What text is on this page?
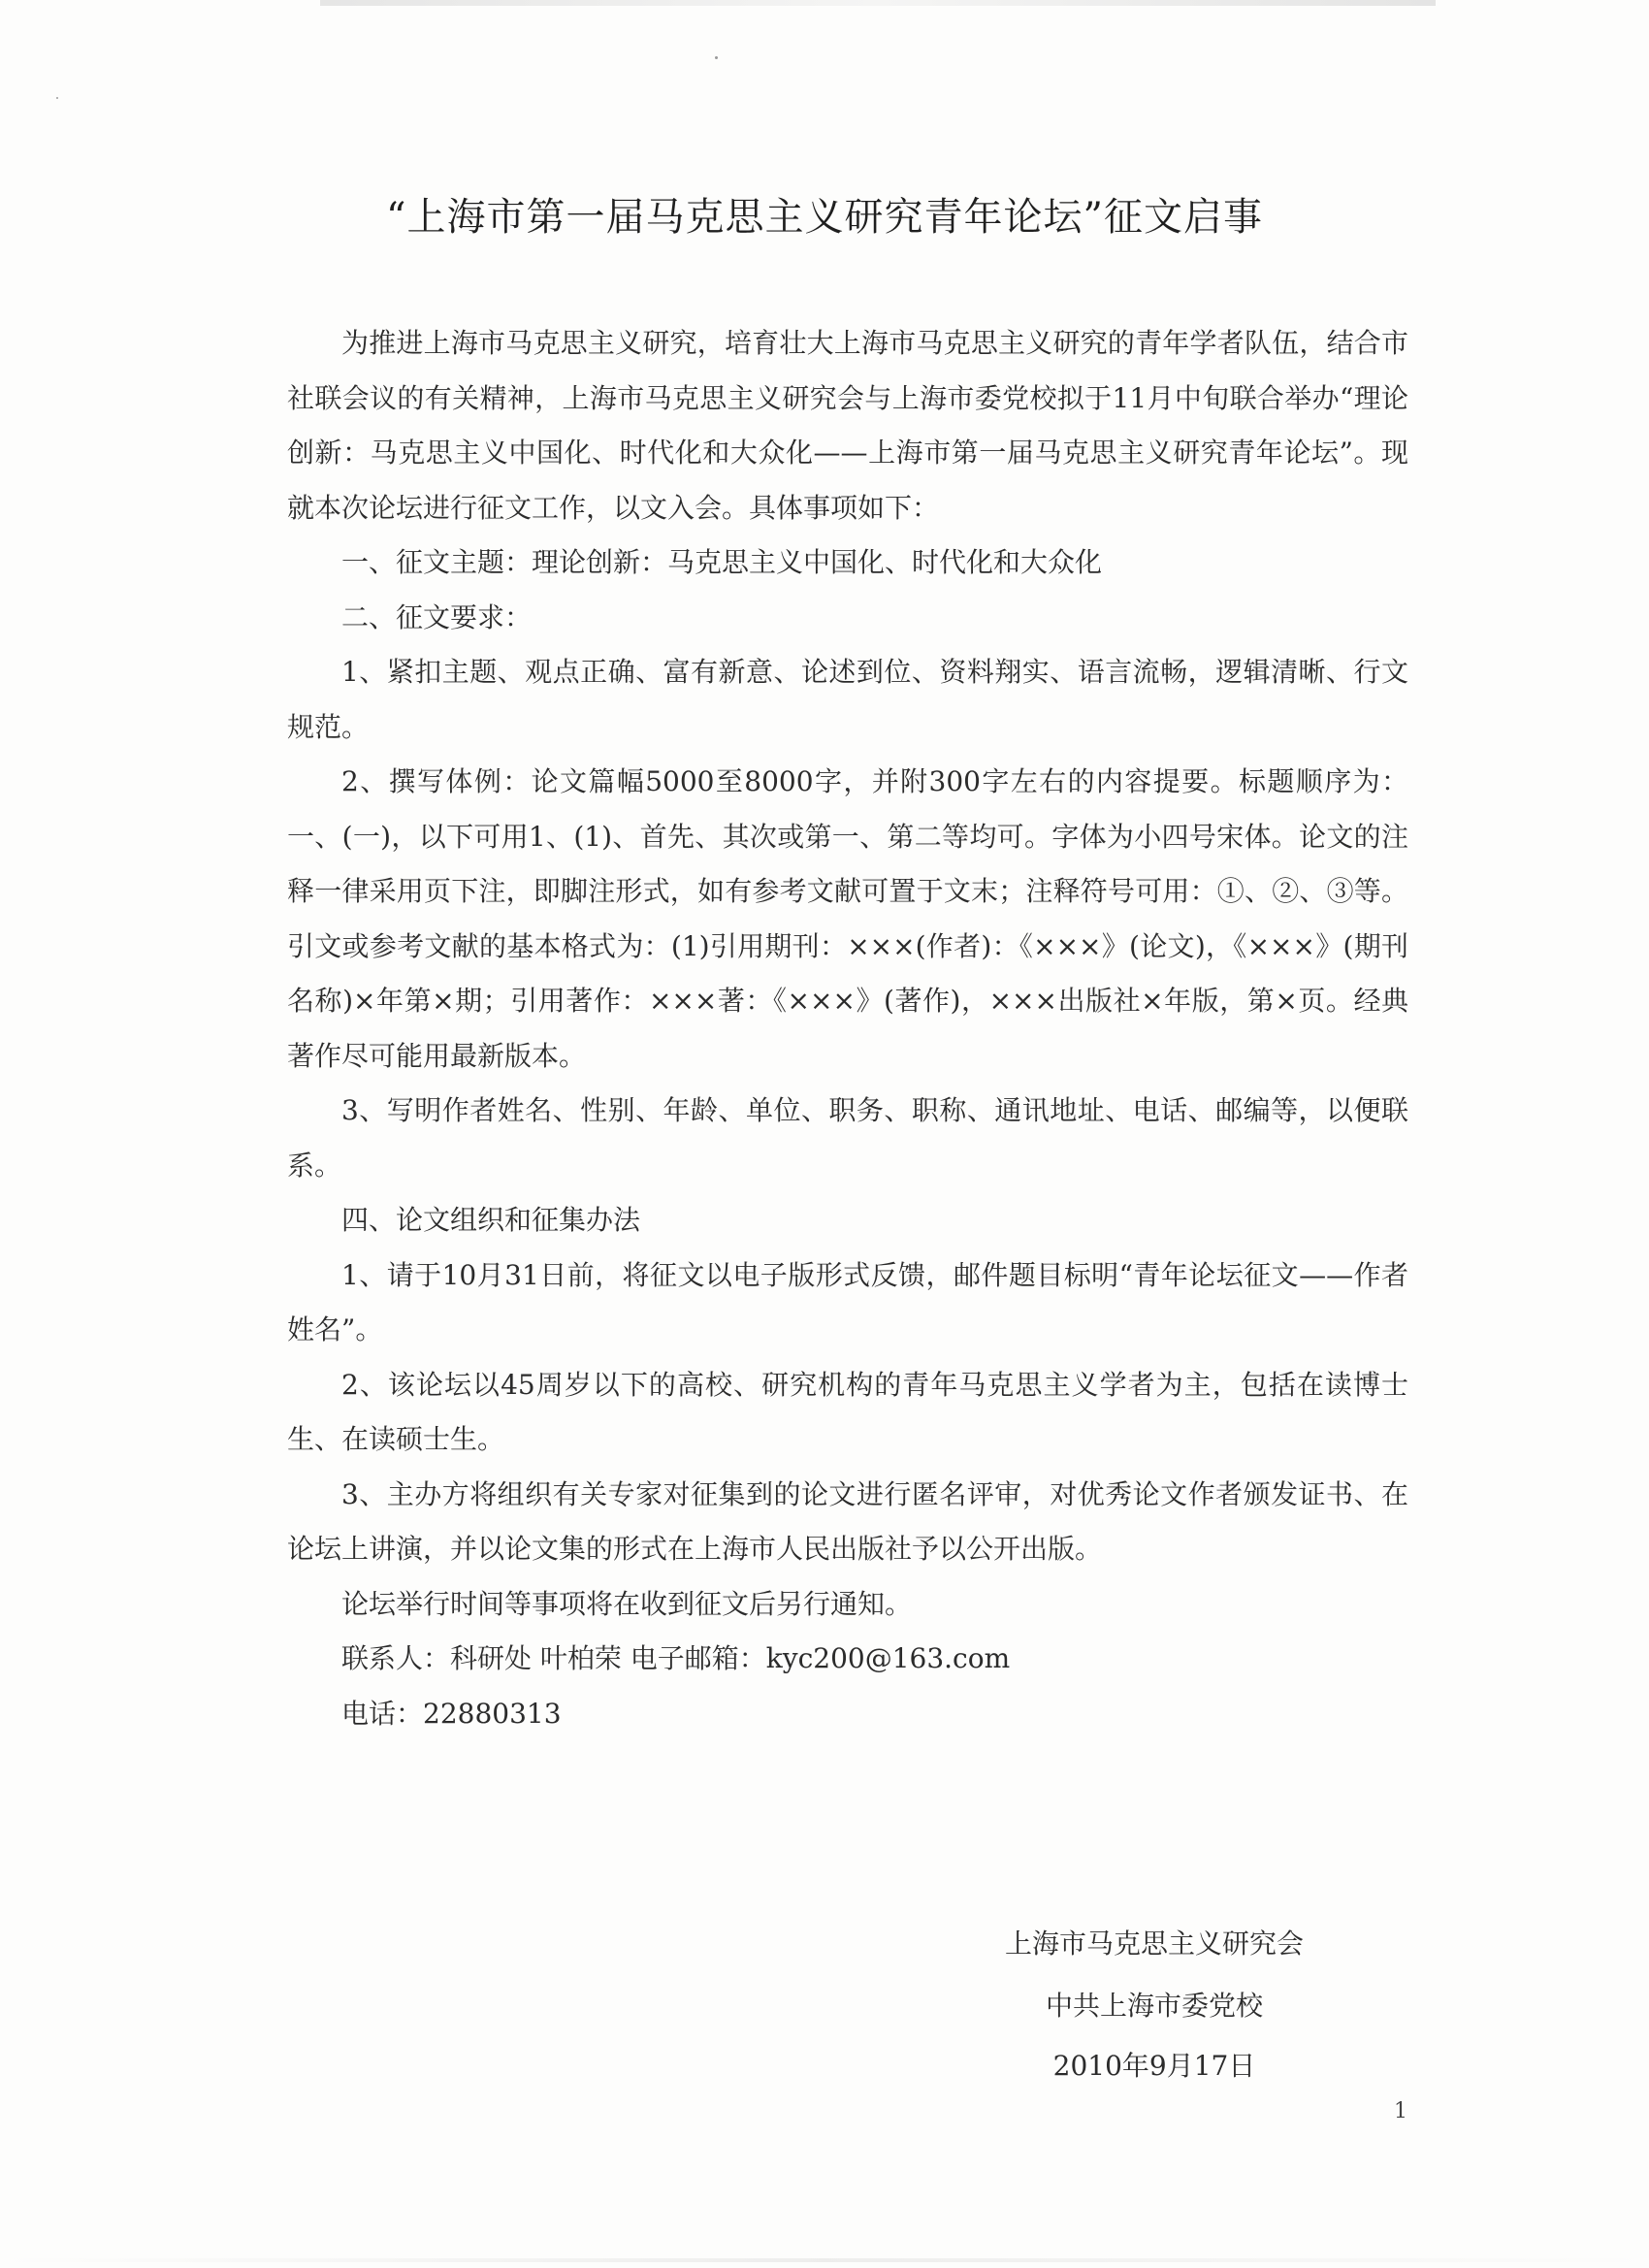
“上海市第一届马克思主义研究青年论坛”征文启事

为推进上海市马克思主义研究，培育壮大上海市马克思主义研究的青年学者队伍，结合市社联会议的有关精神，上海市马克思主义研究会与上海市委党校拟于11月中旬联合举办“理论创新：马克思主义中国化、时代化和大众化——上海市第一届马克思主义研究青年论坛”。现就本次论坛进行征文工作，以文入会。具体事项如下：

一、征文主题：理论创新：马克思主义中国化、时代化和大众化

二、征文要求：

1、紧扣主题、观点正确、富有新意、论述到位、资料翔实、语言流畅，逻辑清晰、行文规范。

2、撰写体例：论文篇幅5000至8000字，并附300字左右的内容提要。标题顺序为：一、(一)，以下可用1、(1)、首先、其次或第一、第二等均可。字体为小四号宋体。论文的注释一律采用页下注，即脚注形式，如有参考文献可置于文末；注释符号可用：①、②、③等。引文或参考文献的基本格式为：(1)引用期刊：×××(作者)：《×××》(论文)，《×××》(期刊名称)×年第×期；引用著作：×××著：《×××》(著作)，×××出版社×年版，第×页。经典著作尽可能用最新版本。

3、写明作者姓名、性别、年龄、单位、职务、职称、通讯地址、电话、邮编等，以便联系。

四、论文组织和征集办法

1、请于10月31日前，将征文以电子版形式反馈，邮件题目标明“青年论坛征文——作者姓名”。

2、该论坛以45周岁以下的高校、研究机构的青年马克思主义学者为主，包括在读博士生、在读硕士生。

3、主办方将组织有关专家对征集到的论文进行匿名评审，对优秀论文作者颁发证书、在论坛上讲演，并以论文集的形式在上海市人民出版社予以公开出版。

论坛举行时间等事项将在收到征文后另行通知。

联系人：科研处 叶柏荣 电子邮箱：kyc200@163.com

电话：22880313

上海市马克思主义研究会
中共上海市委党校
2010年9月17日
1
